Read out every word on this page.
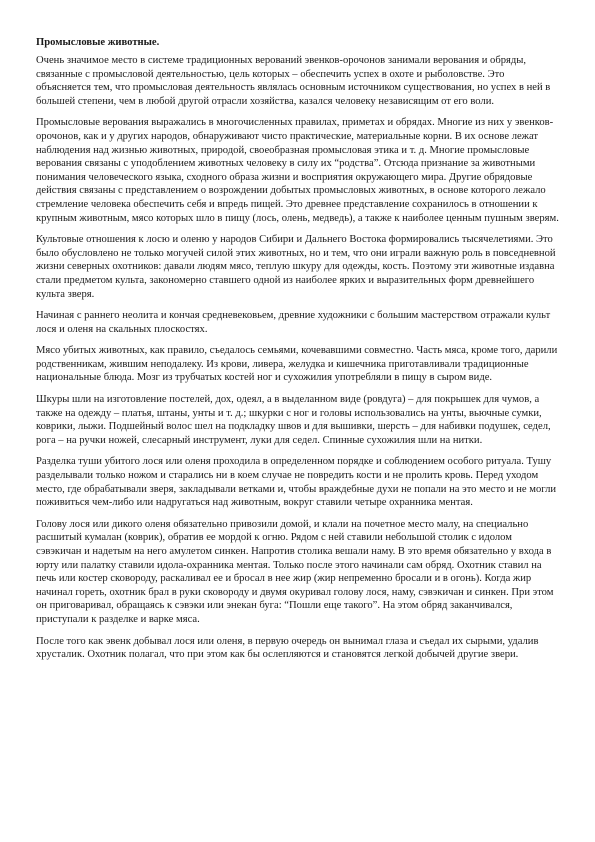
Промысловые животные.

Очень значимое место в системе традиционных верований эвенков-орочонов занимали верования и обряды, связанные с промысловой деятельностью, цель которых – обеспечить успех в охоте и рыболовстве. Это объясняется тем, что промысловая деятельность являлась основным источником существования, но успех в ней в большей степени, чем в любой другой отрасли хозяйства, казался человеку независящим от его воли.

Промысловые верования выражались в многочисленных правилах, приметах и обрядах. Многие из них у эвенков-орочонов, как и у других народов, обнаруживают чисто практические, материальные корни. В их основе лежат наблюдения над жизнью животных, природой, своеобразная промысловая этика и т. д. Многие промысловые верования связаны с уподоблением животных человеку в силу их “родства”. Отсюда признание за животными понимания человеческого языка, сходного образа жизни и восприятия окружающего мира. Другие обрядовые действия связаны с представлением о возрождении добытых промысловых животных, в основе которого лежало стремление человека обеспечить себя и впредь пищей. Это древнее представление сохранилось в отношении к крупным животным, мясо которых шло в пищу (лось, олень, медведь), а также к наиболее ценным пушным зверям.

Культовые отношения к лосю и оленю у народов Сибири и Дальнего Востока формировались тысячелетиями. Это было обусловлено не только могучей силой этих животных, но и тем, что они играли важную роль в повседневной жизни северных охотников: давали людям мясо, теплую шкуру для одежды, кость. Поэтому эти животные издавна стали предметом культа, закономерно ставшего одной из наиболее ярких и выразительных форм древнейшего культа зверя.

Начиная с раннего неолита и кончая средневековьем, древние художники с большим мастерством отражали культ лося и оленя на скальных плоскостях.

Мясо убитых животных, как правило, съедалось семьями, кочевавшими совместно. Часть мяса, кроме того, дарили родственникам, жившим неподалеку. Из крови, ливера, желудка и кишечника приготавливали традиционные национальные блюда. Мозг из трубчатых костей ног и сухожилия употребляли в пищу в сыром виде.

Шкуры шли на изготовление постелей, дох, одеял, а в выделанном виде (ровдуга) – для покрышек для чумов, а также на одежду – платья, штаны, унты и т. д.; шкурки с ног и головы использовались на унты, вьючные сумки, коврики, лыжи. Подшейный волос шел на подкладку швов и для вышивки, шерсть – для набивки подушек, седел, рога – на ручки ножей, слесарный инструмент, луки для седел. Спинные сухожилия шли на нитки.

Разделка туши убитого лося или оленя проходила в определенном порядке и соблюдением особого ритуала. Тушу разделывали только ножом и старались ни в коем случае не повредить кости и не пролить кровь. Перед уходом место, где обрабатывали зверя, закладывали ветками и, чтобы враждебные духи не попали на это место и не могли поживиться чем-либо или надругаться над животным, вокруг ставили четыре охранника ментая.

Голову лося или дикого оленя обязательно привозили домой, и клали на почетное место малу, на специально расшитый кумалан (коврик), обратив ее мордой к огню. Рядом с ней ставили небольшой столик с идолом сэвэкичан и надетым на него амулетом синкен. Напротив столика вешали наму. В это время обязательно у входа в юрту или палатку ставили идола-охранника ментая. Только после этого начинали сам обряд. Охотник ставил на печь или костер сковороду, раскаливал ее и бросал в нее жир (жир непременно бросали и в огонь). Когда жир начинал гореть, охотник брал в руки сковороду и двумя окуривал голову лося, наму, сэвэкичан и синкен. При этом он приговаривал, обращаясь к сэвэки или энекан буга: “Пошли еще такого”. На этом обряд заканчивался, приступали к разделке и варке мяса.

После того как эвенк добывал лося или оленя, в первую очередь он вынимал глаза и съедал их сырыми, удалив хрусталик. Охотник полагал, что при этом как бы ослепляются и становятся легкой добычей другие звери.
